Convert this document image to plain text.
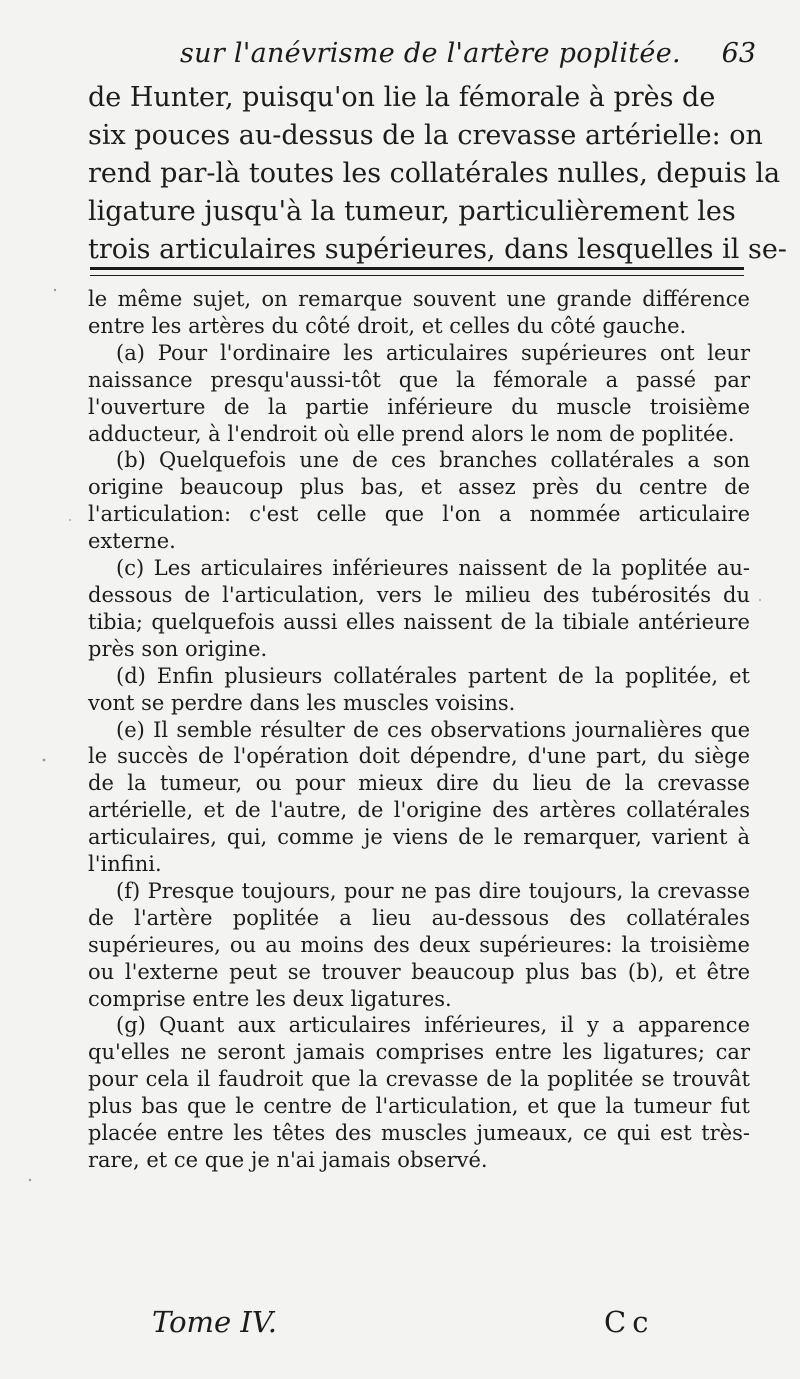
sur l'anévrisme de l'artère poplitée. 63
de Hunter, puisqu'on lie la fémorale à près de
six pouces au-dessus de la crevasse artérielle: on
rend par-là toutes les collatérales nulles, depuis la
ligature jusqu'à la tumeur, particulièrement les
trois articulaires supérieures, dans lesquelles il se-
le même sujet, on remarque souvent une grande différence entre les artères du côté droit, et celles du côté gauche.
(a) Pour l'ordinaire les articulaires supérieures ont leur naissance presqu'aussi-tôt que la fémorale a passé par l'ouverture de la partie inférieure du muscle troisième adducteur, à l'endroit où elle prend alors le nom de poplitée.
(b) Quelquefois une de ces branches collatérales a son origine beaucoup plus bas, et assez près du centre de l'articulation: c'est celle que l'on a nommée articulaire externe.
(c) Les articulaires inférieures naissent de la poplitée au-dessous de l'articulation, vers le milieu des tubérosités du tibia; quelquefois aussi elles naissent de la tibiale antérieure près son origine.
(d) Enfin plusieurs collatérales partent de la poplitée, et vont se perdre dans les muscles voisins.
(e) Il semble résulter de ces observations journalières que le succès de l'opération doit dépendre, d'une part, du siège de la tumeur, ou pour mieux dire du lieu de la crevasse artérielle, et de l'autre, de l'origine des artères collatérales articulaires, qui, comme je viens de le remarquer, varient à l'infini.
(f) Presque toujours, pour ne pas dire toujours, la crevasse de l'artère poplitée a lieu au-dessous des collatérales supérieures, ou au moins des deux supérieures: la troisième ou l'externe peut se trouver beaucoup plus bas (b), et être comprise entre les deux ligatures.
(g) Quant aux articulaires inférieures, il y a apparence qu'elles ne seront jamais comprises entre les ligatures; car pour cela il faudroit que la crevasse de la poplitée se trouvât plus bas que le centre de l'articulation, et que la tumeur fut placée entre les têtes des muscles jumeaux, ce qui est très-rare, et ce que je n'ai jamais observé.
Tome IV.	Cc
